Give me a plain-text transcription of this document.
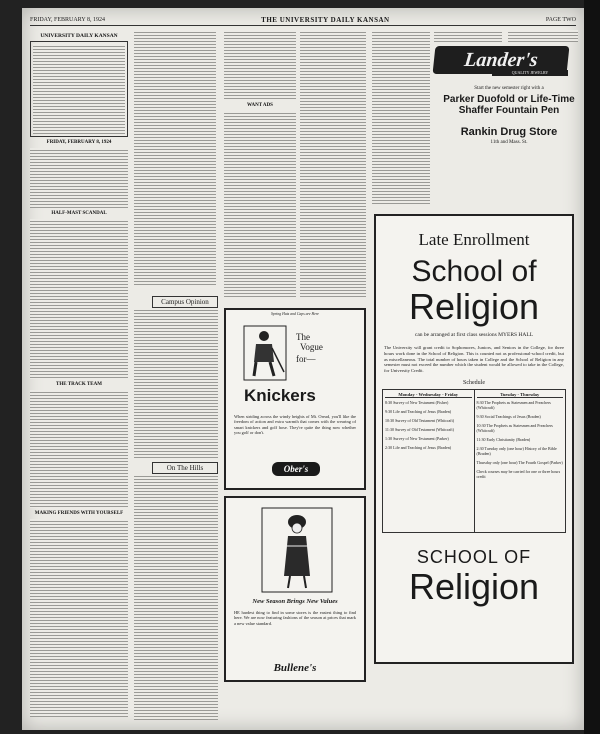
FRIDAY, FEBRUARY 8, 1924	THE UNIVERSITY DAILY KANSAN	PAGE TWO
UNIVERSITY DAILY KANSAN
FRIDAY, FEBRUARY 8, 1924
HALF-MAST SCANDAL
THE TRACK TEAM
MAKING FRIENDS WITH YOURSELF
Campus Opinion
On The Hills
WANT ADS
Lander's
QUALITY JEWELRY
Start the new semester right with a
Parker Duofold or Life-Time Shaffer Fountain Pen
Rankin Drug Store
11th and Mass. St.
Spring Hats and Caps are Here
The
Vogue
for—
Knickers
When striding across the windy heights of Mt. Oread, you'll like the freedom of action and extra warmth that comes with the wearing of smart knickers and golf hose. They're quite the thing now whether you golf or don't.
Ober's
New Season Brings New Values
HE hardest thing to find in some stores is the easiest thing to find here. We are now featuring fashions of the season at prices that mark a new value standard.
Bullene's
Late Enrollment
School of
Religion
can be arranged at first class sessions MYERS HALL
The University will grant credit to Sophomores, Juniors, and Seniors in the College, for three hours work done in the School of Religion. This is counted not as professional-school credit, but as miscellaneous. The total number of hours taken in College and the School of Religion in any semester must not exceed the number which the student would be allowed to take in the College, for University Credit.
Schedule
Monday - Wednesday - Friday
8:30 Survey of New Testament (Fisher)
9:30 Life and Teaching of Jesus (Braden)
10:30 Survey of Old Testament (Whitcraft)
11:30 Survey of Old Testament (Whitcraft)
1:30 Survey of New Testament (Parker)
2:30 Life and Teaching of Jesus (Braden)
Tuesday - Thursday
8:30 The Prophets as Statesmen and Preachers (Whitcraft)
9:30 Social Teachings of Jesus (Braden)
10:30 The Prophets as Statesmen and Preachers (Whitcraft)
11:30 Early Christianity (Braden)
2:30 Tuesday only (one hour) History of the Bible (Braden)
Thursday only (one hour) The Fourth Gospel (Parker)
Check courses may be carried for one or three hours credit
SCHOOL OF
Religion
